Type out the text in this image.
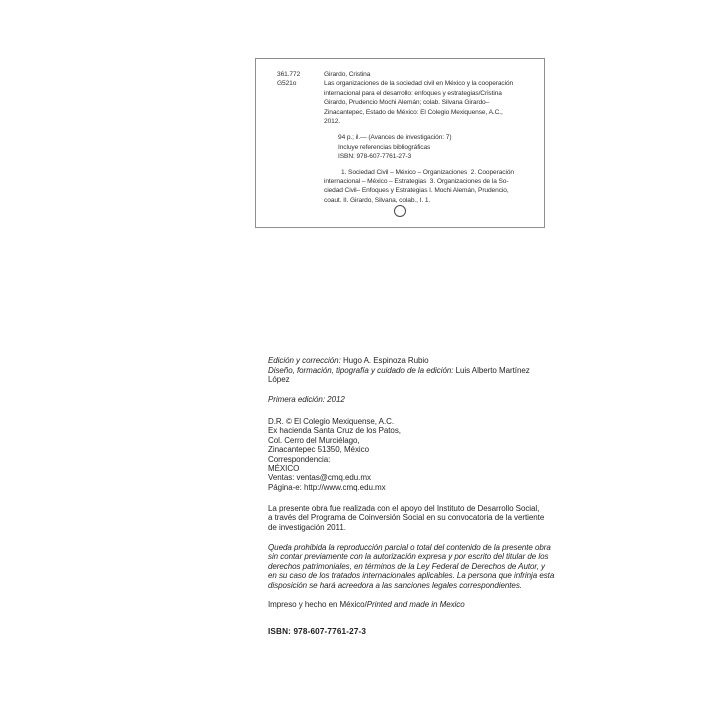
361.772
G521o
Girardo, Cristina
Las organizaciones de la sociedad civil en México y la cooperación
internacional para el desarrollo: enfoques y estrategias/Cristina
Girardo, Prudencio Mochi Alemán; colab. Silvana Girardo–
Zinacantepec, Estado de México: El Colegio Mexiquense, A.C.,
2012.
94 p.; il.— (Avances de investigación: 7)
Incluye referencias bibliográficas
ISBN: 978-607-7761-27-3
1. Sociedad Civil – México – Organizaciones  2. Cooperación
internacional – México – Estrategias  3. Organizaciones de la So-
ciedad Civil– Enfoques y Estrategias I. Mochi Alemán, Prudencio,
coaut. II. Girardo, Silvana, colab., I. 1.
Edición y corrección: Hugo A. Espinoza Rubio
Diseño, formación, tipografía y cuidado de la edición: Luis Alberto Martínez
López
Primera edición: 2012
D.R. © El Colegio Mexiquense, A.C.
Ex hacienda Santa Cruz de los Patos,
Col. Cerro del Murciélago,
Zinacantepec 51350, México
Correspondencia:
MÉXICO
Ventas: ventas@cmq.edu.mx
Página-e: http://www.cmq.edu.mx
La presente obra fue realizada con el apoyo del Instituto de Desarrollo Social,
a través del Programa de Coinversión Social en su convocatoria de la vertiente
de investigación 2011.
Queda prohibida la reproducción parcial o total del contenido de la presente obra
sin contar previamente con la autorización expresa y por escrito del titular de los
derechos patrimoniales, en términos de la Ley Federal de Derechos de Autor, y
en su caso de los tratados internacionales aplicables. La persona que infrinja esta
disposición se hará acreedora a las sanciones legales correspondientes.
Impreso y hecho en México/Printed and made in Mexico
ISBN: 978-607-7761-27-3
